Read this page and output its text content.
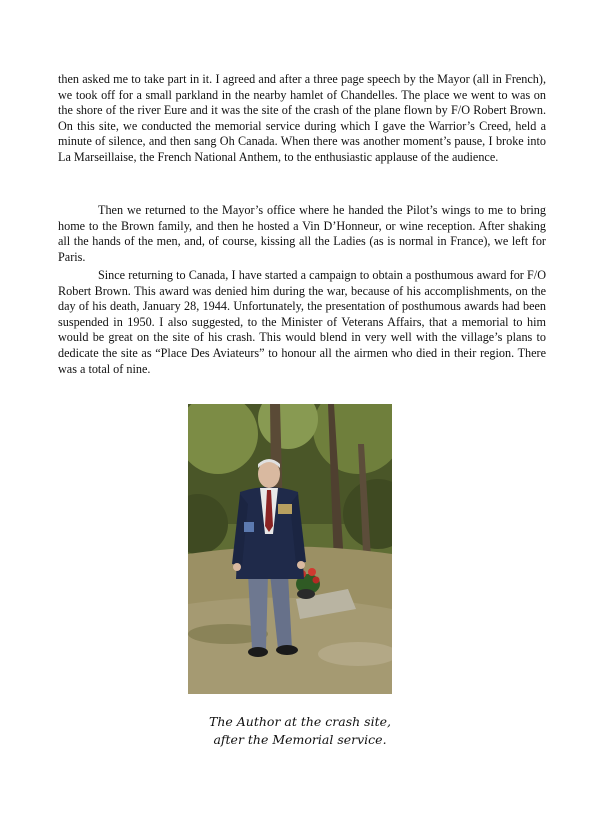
then asked me to take part in it. I agreed and after a three page speech by the Mayor (all in French), we took off for a small parkland in the nearby hamlet of Chandelles. The place we went to was on the shore of the river Eure and it was the site of the crash of the plane flown by F/O Robert Brown. On this site, we conducted the memorial service during which I gave the Warrior’s Creed, held a minute of silence, and then sang Oh Canada. When there was another moment’s pause, I broke into La Marseillaise, the French National Anthem, to the enthusiastic applause of the audience.

Then we returned to the Mayor’s office where he handed the Pilot’s wings to me to bring home to the Brown family, and then he hosted a Vin D’Honneur, or wine reception. After shaking all the hands of the men, and, of course, kissing all the Ladies (as is normal in France), we left for Paris.

Since returning to Canada, I have started a campaign to obtain a posthumous award for F/O Robert Brown. This award was denied him during the war, because of his accomplishments, on the day of his death, January 28, 1944. Unfortunately, the presentation of posthumous awards had been suspended in 1950. I also suggested, to the Minister of Veterans Affairs, that a memorial to him would be great on the site of his crash. This would blend in very well with the village’s plans to dedicate the site as “Place Des Aviateurs” to honour all the airmen who died in their region. There was a total of nine.

The Author at the crash site,

after the Memorial service.
